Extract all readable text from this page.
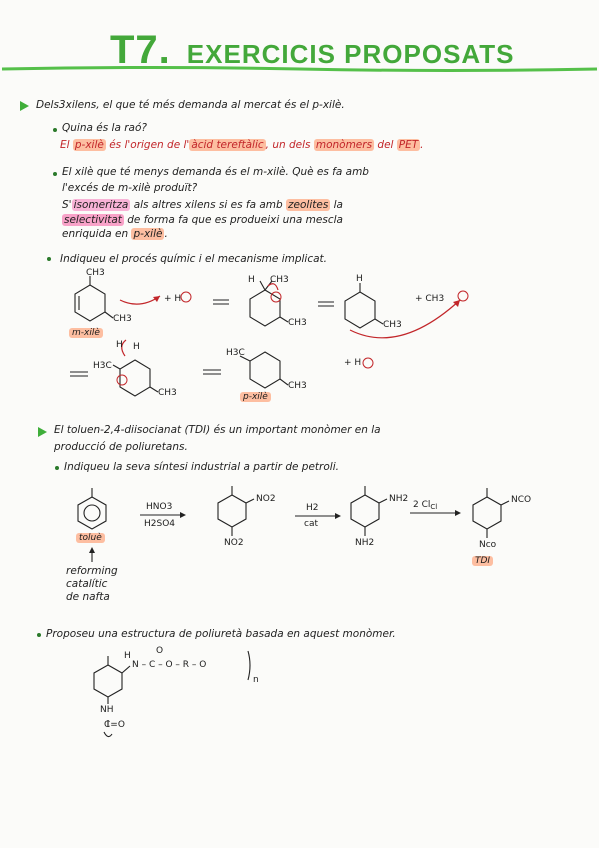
T7. EXERCICIS PROPOSATS
Dels3xilens, el que té més demanda al mercat és el p-xilè.
Quina és la raó?
El p-xilè és l'origen de l' àcid tereftàlic , un dels monòmers del PET .
El xilè que té menys demanda és el m-xilè. Què es fa amb
l'excés de m-xilè produït?
S' isomeritza als altres xilens si es fa amb zeolites la
selectivitat de forma fa que es produeixi una mescla
enriquida en p-xilè .
Indiqueu el procés químic i el mecanisme implicat.
CH3
CH3
m-xilè
+ H
H CH3
CH3
H
CH3
+ CH3
H H
H3C
CH3
H3C
CH3
p-xilè
+ H
El toluen-2,4-diisocianat (TDI) és un important monòmer en la
producció de poliuretans.
Indiqueu la seva síntesi industrial a partir de petroli.
toluè
reforming
catalític
de nafta
HNO3
H2SO4
NO2
NO2
H2
cat
NH2
NH2
2 $Cl_{Cl}$
NCO
Nco
TDI
Proposeu una estructura de poliuretà basada en aquest monòmer.
H	O
N – C – O – R – O
n
NH
C=O
